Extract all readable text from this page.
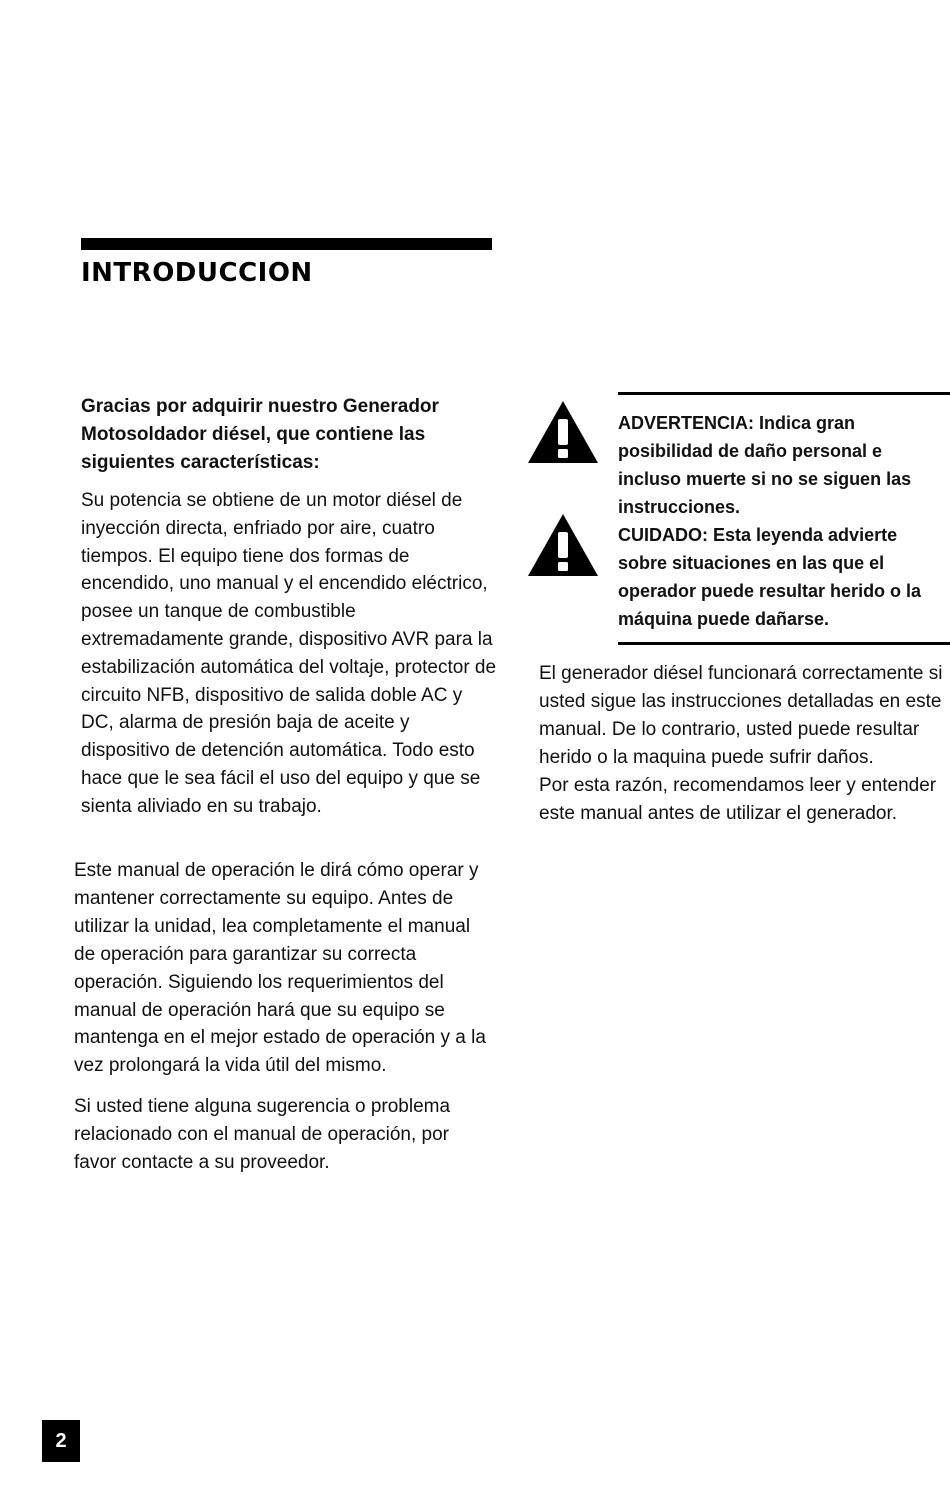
INTRODUCCION

Gracias por adquirir nuestro Generador Motosoldador diésel, que contiene las siguientes características:

Su potencia se obtiene de un motor diésel de inyección directa, enfriado por aire, cuatro tiempos. El equipo tiene dos formas de encendido, uno manual y el encendido eléctrico, posee un tanque de combustible extremadamente grande, dispositivo AVR para la estabilización automática del voltaje, protector de circuito NFB, dispositivo de salida doble AC y DC, alarma de presión baja de aceite y dispositivo de detención automática. Todo esto hace que le sea fácil el uso del equipo y que se sienta aliviado en su trabajo.

Este manual de operación le dirá cómo operar y mantener correctamente su equipo. Antes de utilizar la unidad, lea completamente el manual de operación para garantizar su correcta operación. Siguiendo los requerimientos del manual de operación hará que su equipo se mantenga en el mejor estado de operación y a la vez prolongará la vida útil del mismo.

Si usted tiene alguna sugerencia o problema relacionado con el manual de operación, por favor contacte a su proveedor.

ADVERTENCIA: Indica gran posibilidad de daño personal e incluso muerte si no se siguen las instrucciones.

CUIDADO: Esta leyenda advierte sobre situaciones en las que el operador puede resultar herido o la máquina puede dañarse.

El generador diésel funcionará correctamente si usted sigue las instrucciones detalladas en este manual. De lo contrario, usted puede resultar herido o la maquina puede sufrir daños.
Por esta razón, recomendamos leer y entender este manual antes de utilizar el generador.

2
